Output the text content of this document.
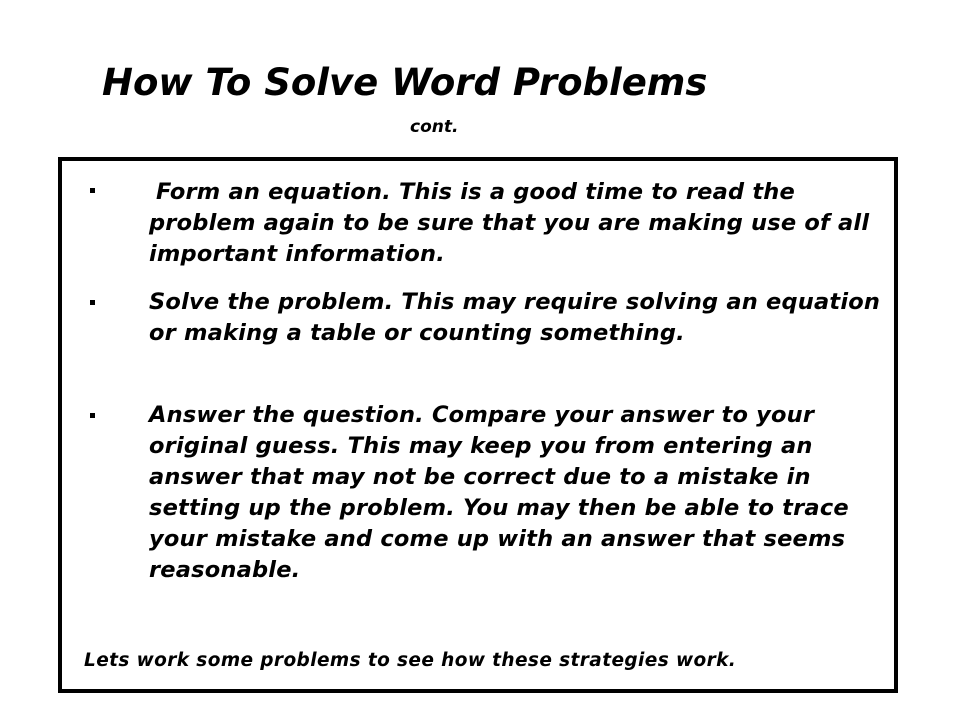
How To Solve Word Problems
cont.

Form an equation. This is a good time to read the problem again to be sure that you are making use of all important information.

Solve the problem. This may require solving an equation or making a table or counting something.

Answer the question. Compare your answer to your original guess. This may keep you from entering an answer that may not be correct due to a mistake in setting up the problem. You may then be able to trace your mistake and come up with an answer that seems reasonable.

Lets work some problems to see how these strategies work.
